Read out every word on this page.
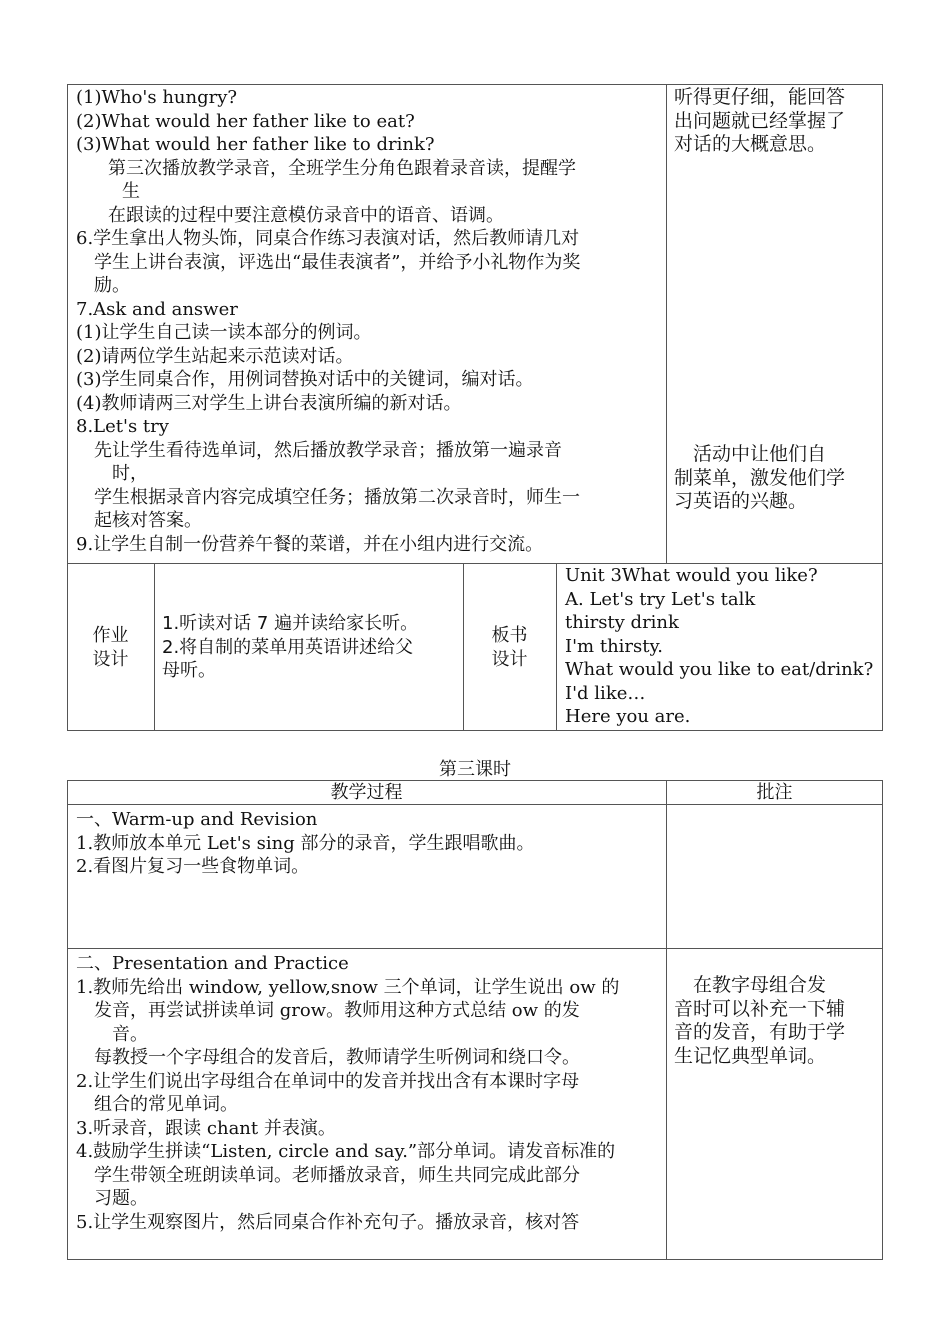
(1)Who's hungry?
(2)What would her father like to eat?
(3)What would her father like to drink?
　第三次播放教学录音，全班学生分角色跟着录音读，提醒学
　生
　在跟读的过程中要注意模仿录音中的语音、语调。
6.学生拿出人物头饰，同桌合作练习表演对话，然后教师请几对
　学生上讲台表演，评选出“最佳表演者”，并给予小礼物作为奖
　励。
7.Ask and answer
(1)让学生自己读一读本部分的例词。
(2)请两位学生站起来示范读对话。
(3)学生同桌合作，用例词替换对话中的关键词，编对话。
(4)教师请两三对学生上讲台表演所编的新对话。
8.Let's try
　先让学生看待选单词，然后播放教学录音；播放第一遍录音
　　时，
　学生根据录音内容完成填空任务；播放第二次录音时，师生一
　起核对答案。
9.让学生自制一份营养午餐的菜谱，并在小组内进行交流。
听得更仔细，能回答
出问题就已经掌握了
对话的大概意思。
　活动中让他们自
制菜单，激发他们学
习英语的兴趣。
作业
设计
1.听读对话 7 遍并读给家长听。
2.将自制的菜单用英语讲述给父
母听。
板书
设计
Unit 3What would you like?
A. Let's try Let's talk
thirsty drink
I'm thirsty.
What would you like to eat/drink?
I'd like…
Here you are.
第三课时
教学过程	批注
一、Warm-up and Revision
1.教师放本单元 Let's sing 部分的录音，学生跟唱歌曲。
2.看图片复习一些食物单词。
二、Presentation and Practice
1.教师先给出 window, yellow,snow 三个单词，让学生说出 ow 的
　发音，再尝试拼读单词 grow。教师用这种方式总结 ow 的发
　　音。
　每教授一个字母组合的发音后，教师请学生听例词和绕口令。
2.让学生们说出字母组合在单词中的发音并找出含有本课时字母
　组合的常见单词。
3.听录音，跟读 chant 并表演。
4.鼓励学生拼读“Listen, circle and say.”部分单词。请发音标准的
　学生带领全班朗读单词。老师播放录音，师生共同完成此部分
　习题。
5.让学生观察图片，然后同桌合作补充句子。播放录音，核对答
　在教字母组合发
音时可以补充一下辅
音的发音，有助于学
生记忆典型单词。
